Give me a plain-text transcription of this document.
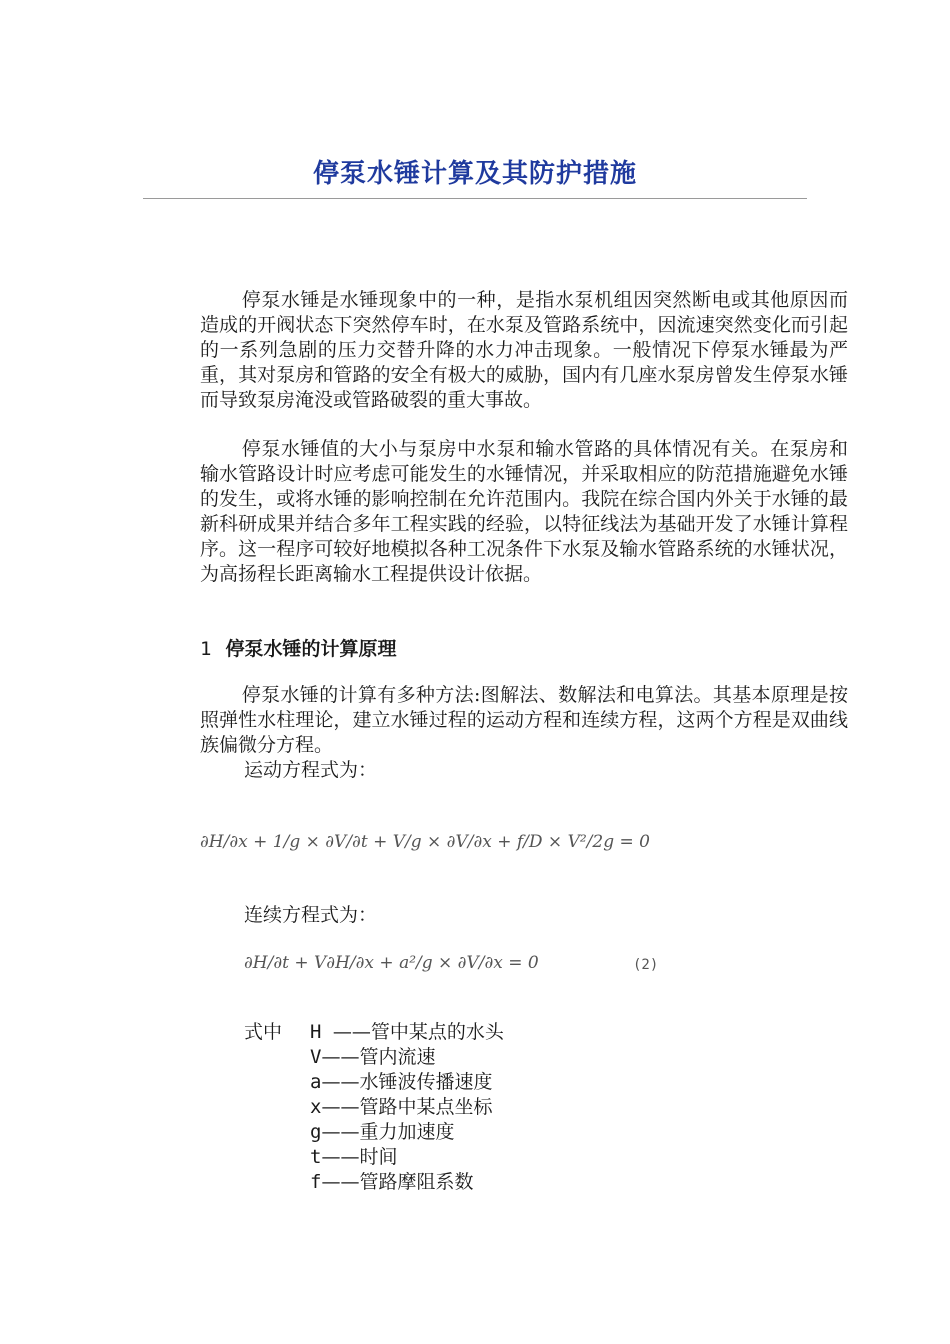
停泵水锤计算及其防护措施

停泵水锤是水锤现象中的一种，是指水泵机组因突然断电或其他原因而造成的开阀状态下突然停车时，在水泵及管路系统中，因流速突然变化而引起的一系列急剧的压力交替升降的水力冲击现象。一般情况下停泵水锤最为严重，其对泵房和管路的安全有极大的威胁，国内有几座水泵房曾发生停泵水锤而导致泵房淹没或管路破裂的重大事故。

停泵水锤值的大小与泵房中水泵和输水管路的具体情况有关。在泵房和输水管路设计时应考虑可能发生的水锤情况，并采取相应的防范措施避免水锤的发生，或将水锤的影响控制在允许范围内。我院在综合国内外关于水锤的最新科研成果并结合多年工程实践的经验，以特征线法为基础开发了水锤计算程序。这一程序可较好地模拟各种工况条件下水泵及输水管路系统的水锤状况，为高扬程长距离输水工程提供设计依据。

1 停泵水锤的计算原理

停泵水锤的计算有多种方法:图解法、数解法和电算法。其基本原理是按照弹性水柱理论，建立水锤过程的运动方程和连续方程，这两个方程是双曲线族偏微分方程。

运动方程式为：
∂H/∂x + 1/g × ∂V/∂t + V/g × ∂V/∂x + f/D × V²/2g = 0
连续方程式为：
∂H/∂t + V∂H/∂x + a²/g × ∂V/∂x = 0	(2)
式中 H ——管中某点的水头
V——管内流速
a——水锤波传播速度
x——管路中某点坐标
g——重力加速度
t——时间
f——管路摩阻系数
